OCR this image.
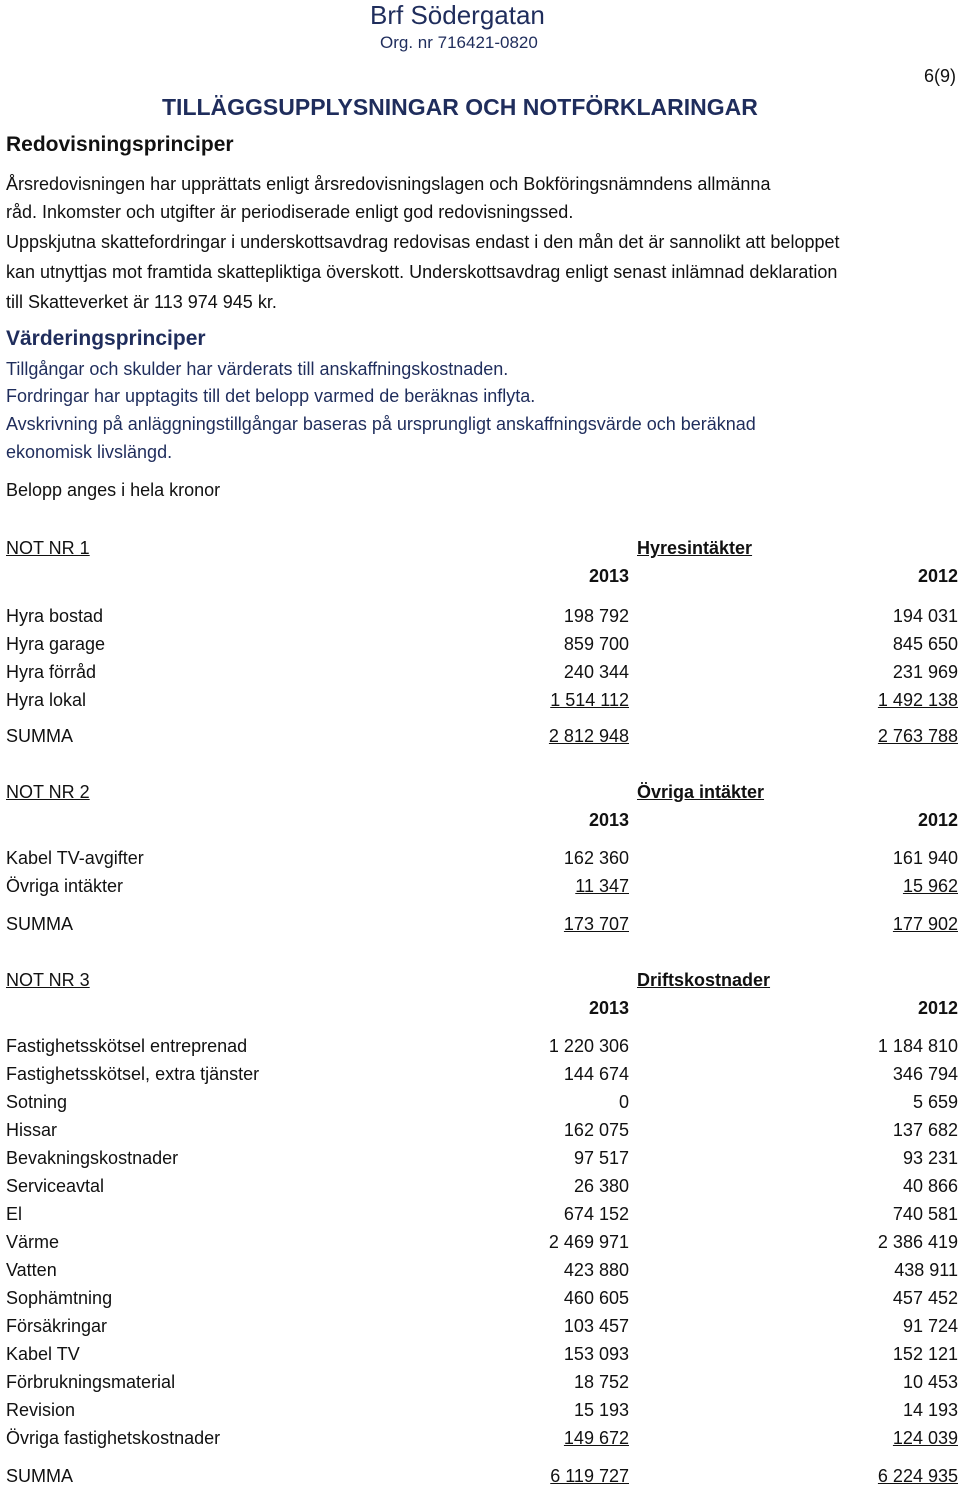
Brf Södergatan
Org. nr 716421-0820
6(9)
TILLÄGGSUPPLYSNINGAR OCH NOTFÖRKLARINGAR
Redovisningsprinciper
Årsredovisningen har upprättats enligt årsredovisningslagen och Bokföringsnämndens allmänna
råd. Inkomster och utgifter är periodiserade enligt god redovisningssed.
Uppskjutna skattefordringar i underskottsavdrag redovisas endast i den mån det är sannolikt att beloppet
kan utnyttjas mot framtida skattepliktiga överskott. Underskottsavdrag enligt senast inlämnad deklaration
till Skatteverket är 113 974 945 kr.
Värderingsprinciper
Tillgångar och skulder har värderats till anskaffningskostnaden.
Fordringar har upptagits till det belopp varmed de beräknas inflyta.
Avskrivning på anläggningstillgångar baseras på ursprungligt anskaffningsvärde och beräknad
ekonomisk livslängd.
Belopp anges i hela kronor
NOT NR 1	Hyresintäkter
2013	2012
Hyra bostad	198 792	194 031
Hyra garage	859 700	845 650
Hyra förråd	240 344	231 969
Hyra lokal	1 514 112	1 492 138
SUMMA	2 812 948	2 763 788
NOT NR 2	Övriga intäkter
2013	2012
Kabel TV-avgifter	162 360	161 940
Övriga intäkter	11 347	15 962
SUMMA	173 707	177 902
NOT NR 3	Driftskostnader
2013	2012
Fastighetsskötsel entreprenad	1 220 306	1 184 810
Fastighetsskötsel, extra tjänster	144 674	346 794
Sotning	0	5 659
Hissar	162 075	137 682
Bevakningskostnader	97 517	93 231
Serviceavtal	26 380	40 866
El	674 152	740 581
Värme	2 469 971	2 386 419
Vatten	423 880	438 911
Sophämtning	460 605	457 452
Försäkringar	103 457	91 724
Kabel TV	153 093	152 121
Förbrukningsmaterial	18 752	10 453
Revision	15 193	14 193
Övriga fastighetskostnader	149 672	124 039
SUMMA	6 119 727	6 224 935
